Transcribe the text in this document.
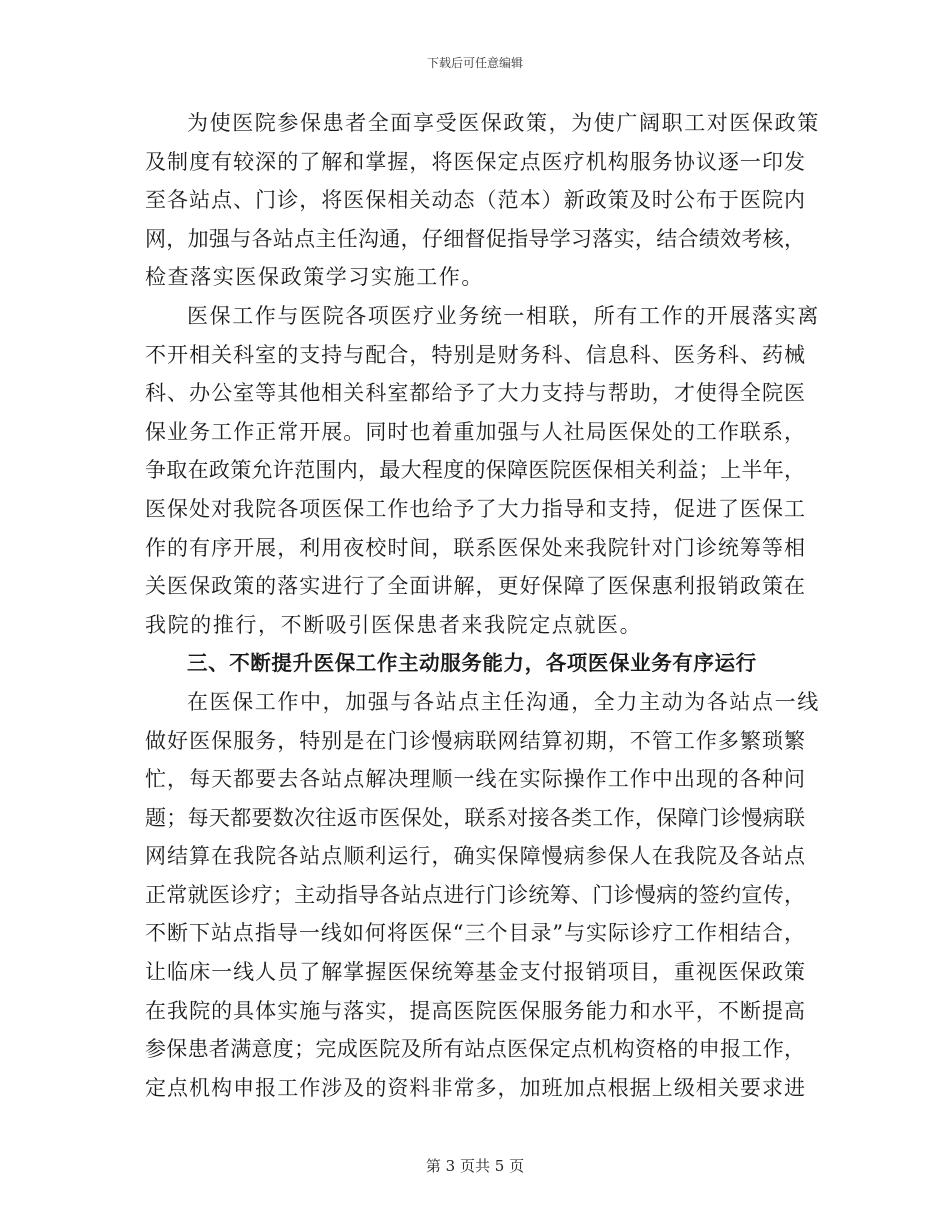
下载后可任意编辑
为使医院参保患者全面享受医保政策，为使广阔职工对医保政策
及制度有较深的了解和掌握，将医保定点医疗机构服务协议逐一印发
至各站点、门诊，将医保相关动态（范本）新政策及时公布于医院内
网，加强与各站点主任沟通，仔细督促指导学习落实，结合绩效考核，
检查落实医保政策学习实施工作。
医保工作与医院各项医疗业务统一相联，所有工作的开展落实离
不开相关科室的支持与配合，特别是财务科、信息科、医务科、药械
科、办公室等其他相关科室都给予了大力支持与帮助，才使得全院医
保业务工作正常开展。同时也着重加强与人社局医保处的工作联系，
争取在政策允许范围内，最大程度的保障医院医保相关利益；上半年，
医保处对我院各项医保工作也给予了大力指导和支持，促进了医保工
作的有序开展，利用夜校时间，联系医保处来我院针对门诊统筹等相
关医保政策的落实进行了全面讲解，更好保障了医保惠利报销政策在
我院的推行，不断吸引医保患者来我院定点就医。
三、不断提升医保工作主动服务能力，各项医保业务有序运行
在医保工作中，加强与各站点主任沟通，全力主动为各站点一线
做好医保服务，特别是在门诊慢病联网结算初期，不管工作多繁琐繁
忙，每天都要去各站点解决理顺一线在实际操作工作中出现的各种问
题；每天都要数次往返市医保处，联系对接各类工作，保障门诊慢病联
网结算在我院各站点顺利运行，确实保障慢病参保人在我院及各站点
正常就医诊疗；主动指导各站点进行门诊统筹、门诊慢病的签约宣传，
不断下站点指导一线如何将医保“三个目录”与实际诊疗工作相结合，
让临床一线人员了解掌握医保统筹基金支付报销项目，重视医保政策
在我院的具体实施与落实，提高医院医保服务能力和水平，不断提高
参保患者满意度；完成医院及所有站点医保定点机构资格的申报工作，
定点机构申报工作涉及的资料非常多，加班加点根据上级相关要求进
第 3 页共 5 页
